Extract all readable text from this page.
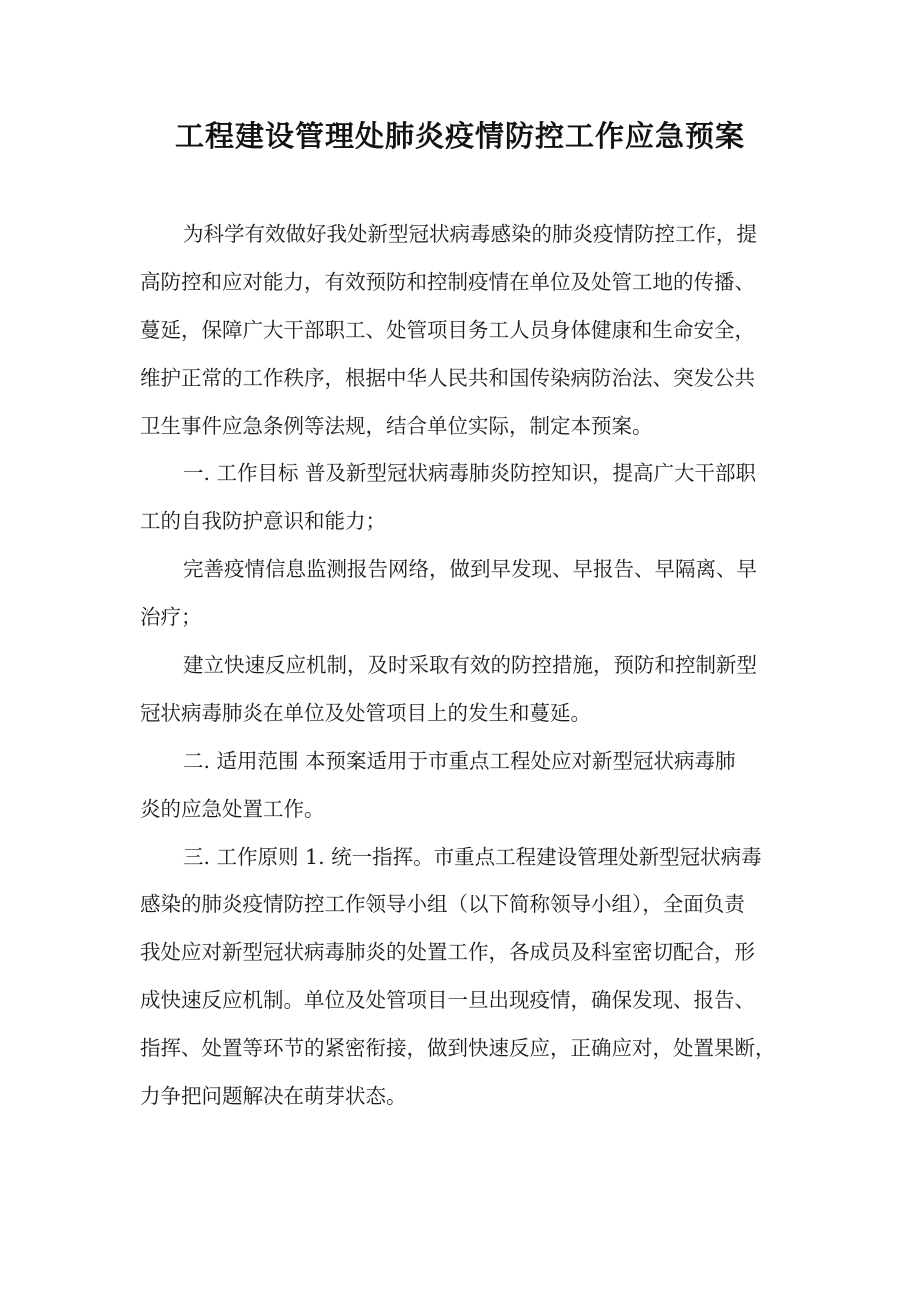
工程建设管理处肺炎疫情防控工作应急预案
为科学有效做好我处新型冠状病毒感染的肺炎疫情防控工作，提
高防控和应对能力，有效预防和控制疫情在单位及处管工地的传播、
蔓延，保障广大干部职工、处管项目务工人员身体健康和生命安全，
维护正常的工作秩序，根据中华人民共和国传染病防治法、突发公共
卫生事件应急条例等法规，结合单位实际，制定本预案。
一. 工作目标 普及新型冠状病毒肺炎防控知识，提高广大干部职
工的自我防护意识和能力；
完善疫情信息监测报告网络，做到早发现、早报告、早隔离、早
治疗；
建立快速反应机制，及时采取有效的防控措施，预防和控制新型
冠状病毒肺炎在单位及处管项目上的发生和蔓延。
二. 适用范围 本预案适用于市重点工程处应对新型冠状病毒肺
炎的应急处置工作。
三. 工作原则 1. 统一指挥。市重点工程建设管理处新型冠状病毒
感染的肺炎疫情防控工作领导小组（以下简称领导小组），全面负责
我处应对新型冠状病毒肺炎的处置工作，各成员及科室密切配合，形
成快速反应机制。单位及处管项目一旦出现疫情，确保发现、报告、
指挥、处置等环节的紧密衔接，做到快速反应，正确应对，处置果断，
力争把问题解决在萌芽状态。
